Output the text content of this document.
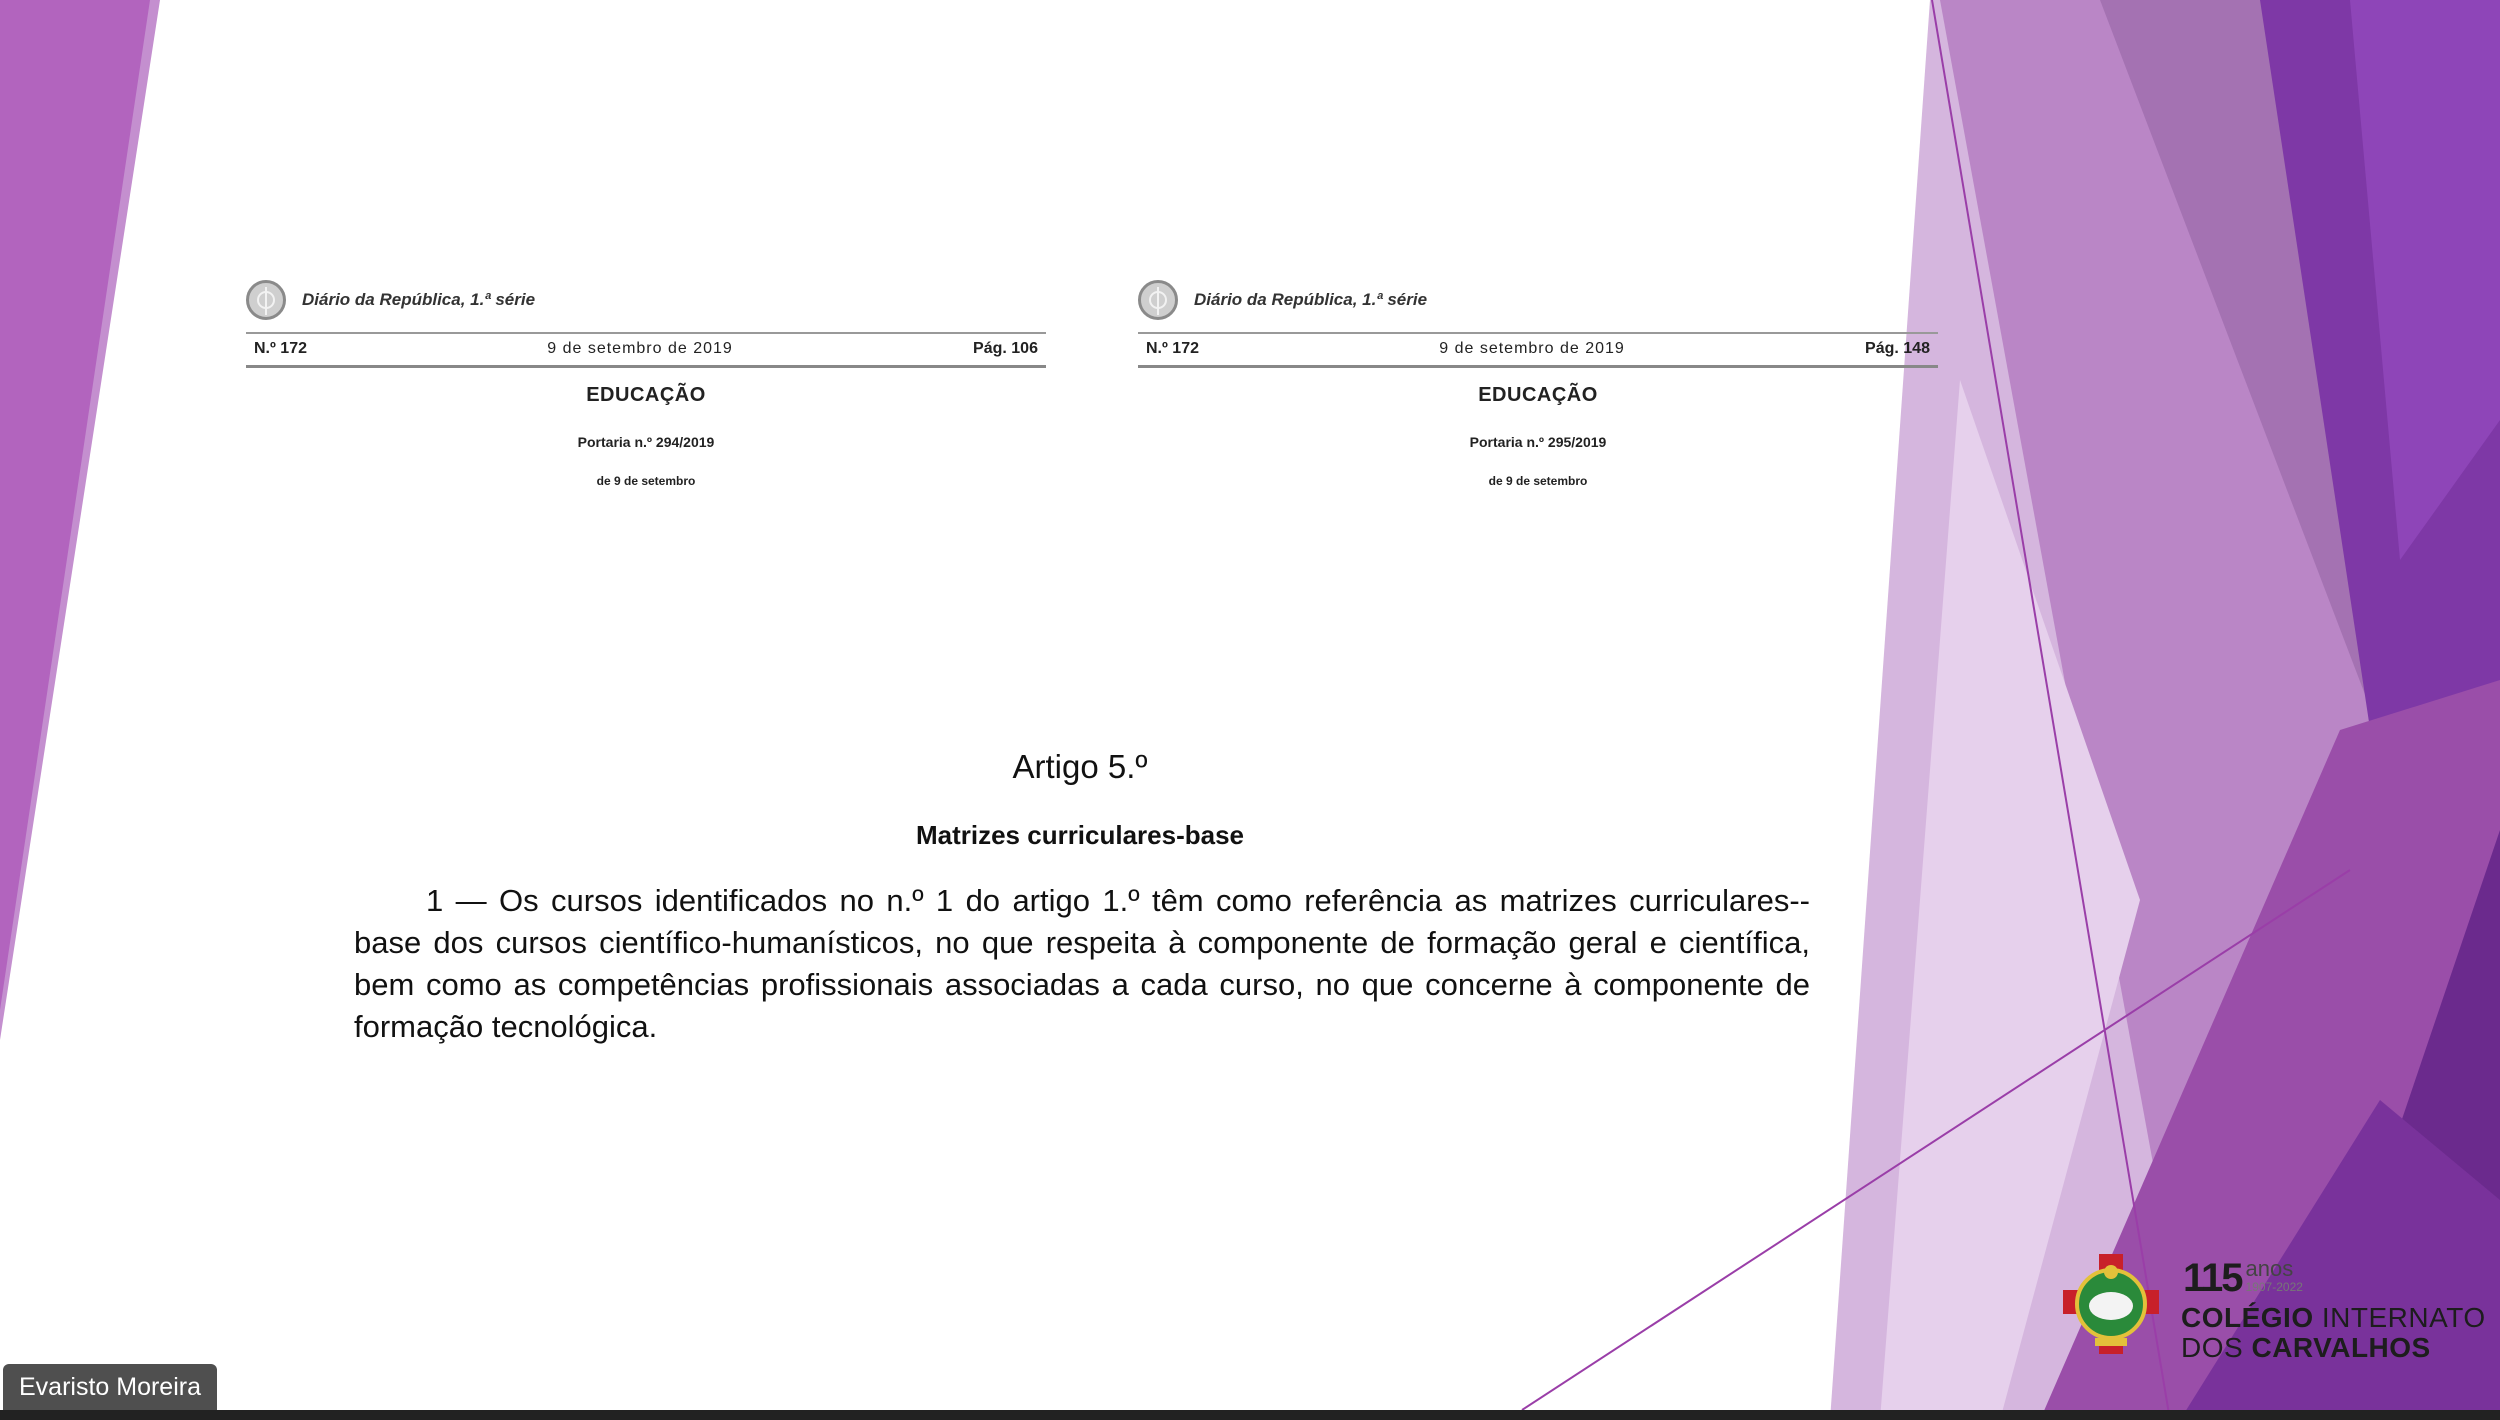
Diário da República, 1.ª série
N.º 172	9 de setembro de 2019	Pág. 106
EDUCAÇÃO
Portaria n.º 294/2019
de 9 de setembro
Diário da República, 1.ª série
N.º 172	9 de setembro de 2019	Pág. 148
EDUCAÇÃO
Portaria n.º 295/2019
de 9 de setembro
Artigo 5.º
Matrizes curriculares-base
1 — Os cursos identificados no n.º 1 do artigo 1.º têm como referência as matrizes curriculares--base dos cursos científico-humanísticos, no que respeita à componente de formação geral e científica, bem como as competências profissionais associadas a cada curso, no que concerne à componente de formação tecnológica.
115 anos
1907-2022
COLÉGIO INTERNATO
DOS CARVALHOS
Evaristo Moreira
